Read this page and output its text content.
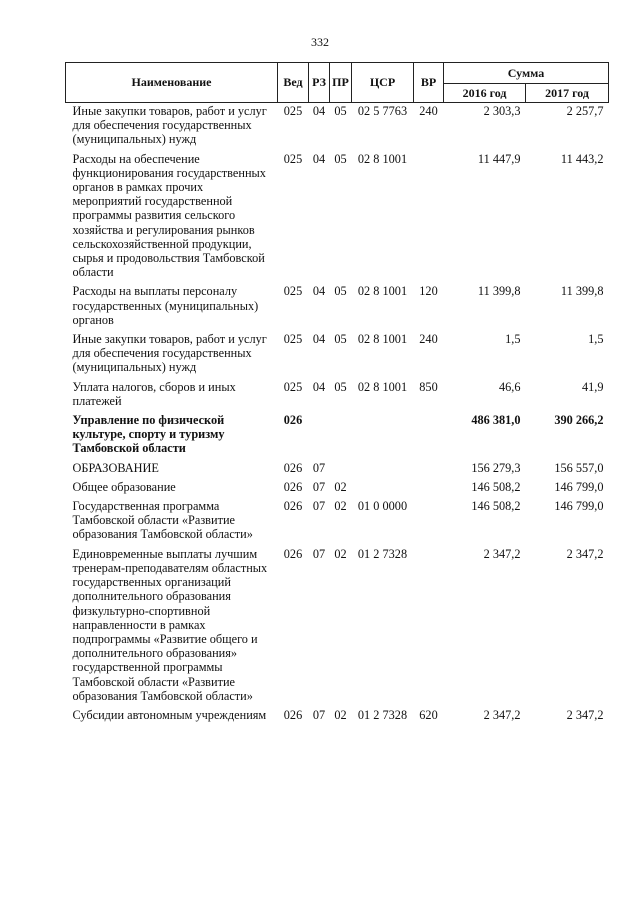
332
Наименование	Вед	РЗ	ПР	ЦСР	ВР	Сумма	
						2016 год	2017 год
Иные закупки товаров, работ и услуг для обеспечения государственных (муниципальных) нужд	025	04	05	02 5 7763	240	2 303,3	2 257,7
Расходы на обеспечение функционирования государственных органов в рамках прочих мероприятий государственной программы развития сельского хозяйства и регулирования рынков сельскохозяйственной продукции, сырья и продовольствия Тамбовской области	025	04	05	02 8 1001		11 447,9	11 443,2
Расходы на выплаты персоналу государственных (муниципальных) органов	025	04	05	02 8 1001	120	11 399,8	11 399,8
Иные закупки товаров, работ и услуг для обеспечения государственных (муниципальных) нужд	025	04	05	02 8 1001	240	1,5	1,5
Уплата налогов, сборов и иных платежей	025	04	05	02 8 1001	850	46,6	41,9
Управление по физической культуре, спорту и туризму Тамбовской области	026					486 381,0	390 266,2
ОБРАЗОВАНИЕ	026	07				156 279,3	156 557,0
Общее образование	026	07	02			146 508,2	146 799,0
Государственная программа Тамбовской области «Развитие образования Тамбовской области»	026	07	02	01 0 0000		146 508,2	146 799,0
Единовременные выплаты лучшим тренерам-преподавателям областных государственных организаций дополнительного образования физкультурно-спортивной направленности в рамках подпрограммы «Развитие общего и дополнительного образования» государственной программы Тамбовской области «Развитие образования Тамбовской области»	026	07	02	01 2 7328		2 347,2	2 347,2
Субсидии автономным учреждениям	026	07	02	01 2 7328	620	2 347,2	2 347,2
